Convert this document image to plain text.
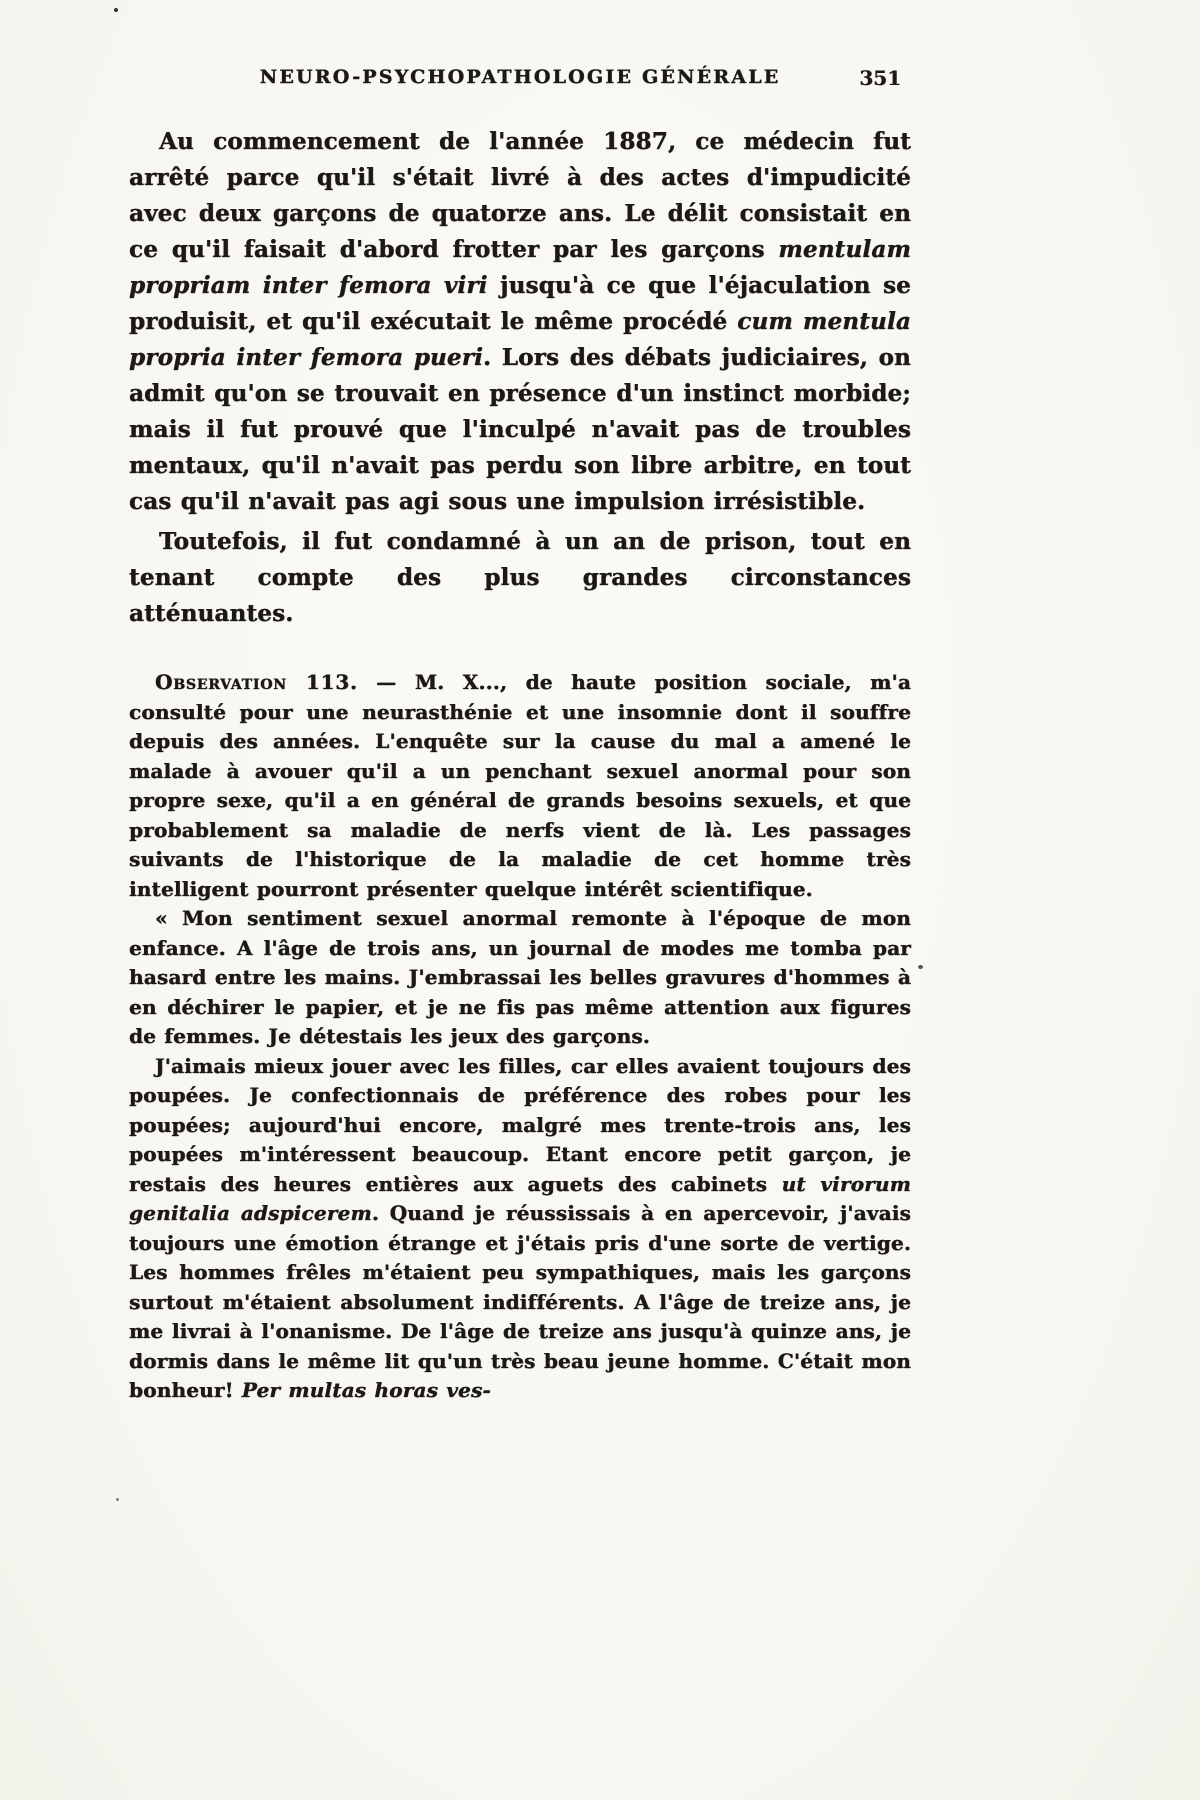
NEURO-PSYCHOPATHOLOGIE GÉNÉRALE	351

Au commencement de l'année 1887, ce médecin fut arrêté parce qu'il s'était livré à des actes d'impudicité avec deux garçons de quatorze ans. Le délit consistait en ce qu'il faisait d'abord frotter par les garçons mentulam propriam inter femora viri jusqu'à ce que l'éjaculation se produisit, et qu'il exécutait le même procédé cum mentula propria inter femora pueri. Lors des débats judiciaires, on admit qu'on se trouvait en présence d'un instinct morbide; mais il fut prouvé que l'inculpé n'avait pas de troubles mentaux, qu'il n'avait pas perdu son libre arbitre, en tout cas qu'il n'avait pas agi sous une impulsion irrésistible.

Toutefois, il fut condamné à un an de prison, tout en tenant compte des plus grandes circonstances atténuantes.

Observation 113. — M. X..., de haute position sociale, m'a consulté pour une neurasthénie et une insomnie dont il souffre depuis des années. L'enquête sur la cause du mal a amené le malade à avouer qu'il a un penchant sexuel anormal pour son propre sexe, qu'il a en général de grands besoins sexuels, et que probablement sa maladie de nerfs vient de là. Les passages suivants de l'historique de la maladie de cet homme très intelligent pourront présenter quelque intérêt scientifique.

« Mon sentiment sexuel anormal remonte à l'époque de mon enfance. A l'âge de trois ans, un journal de modes me tomba par hasard entre les mains. J'embrassai les belles gravures d'hommes à en déchirer le papier, et je ne fis pas même attention aux figures de femmes. Je détestais les jeux des garçons.

J'aimais mieux jouer avec les filles, car elles avaient toujours des poupées. Je confectionnais de préférence des robes pour les poupées; aujourd'hui encore, malgré mes trente-trois ans, les poupées m'intéressent beaucoup. Etant encore petit garçon, je restais des heures entières aux aguets des cabinets ut virorum genitalia adspicerem. Quand je réussissais à en apercevoir, j'avais toujours une émotion étrange et j'étais pris d'une sorte de vertige. Les hommes frêles m'étaient peu sympathiques, mais les garçons surtout m'étaient absolument indifférents. A l'âge de treize ans, je me livrai à l'onanisme. De l'âge de treize ans jusqu'à quinze ans, je dormis dans le même lit qu'un très beau jeune homme. C'était mon bonheur! Per multas horas ves-
